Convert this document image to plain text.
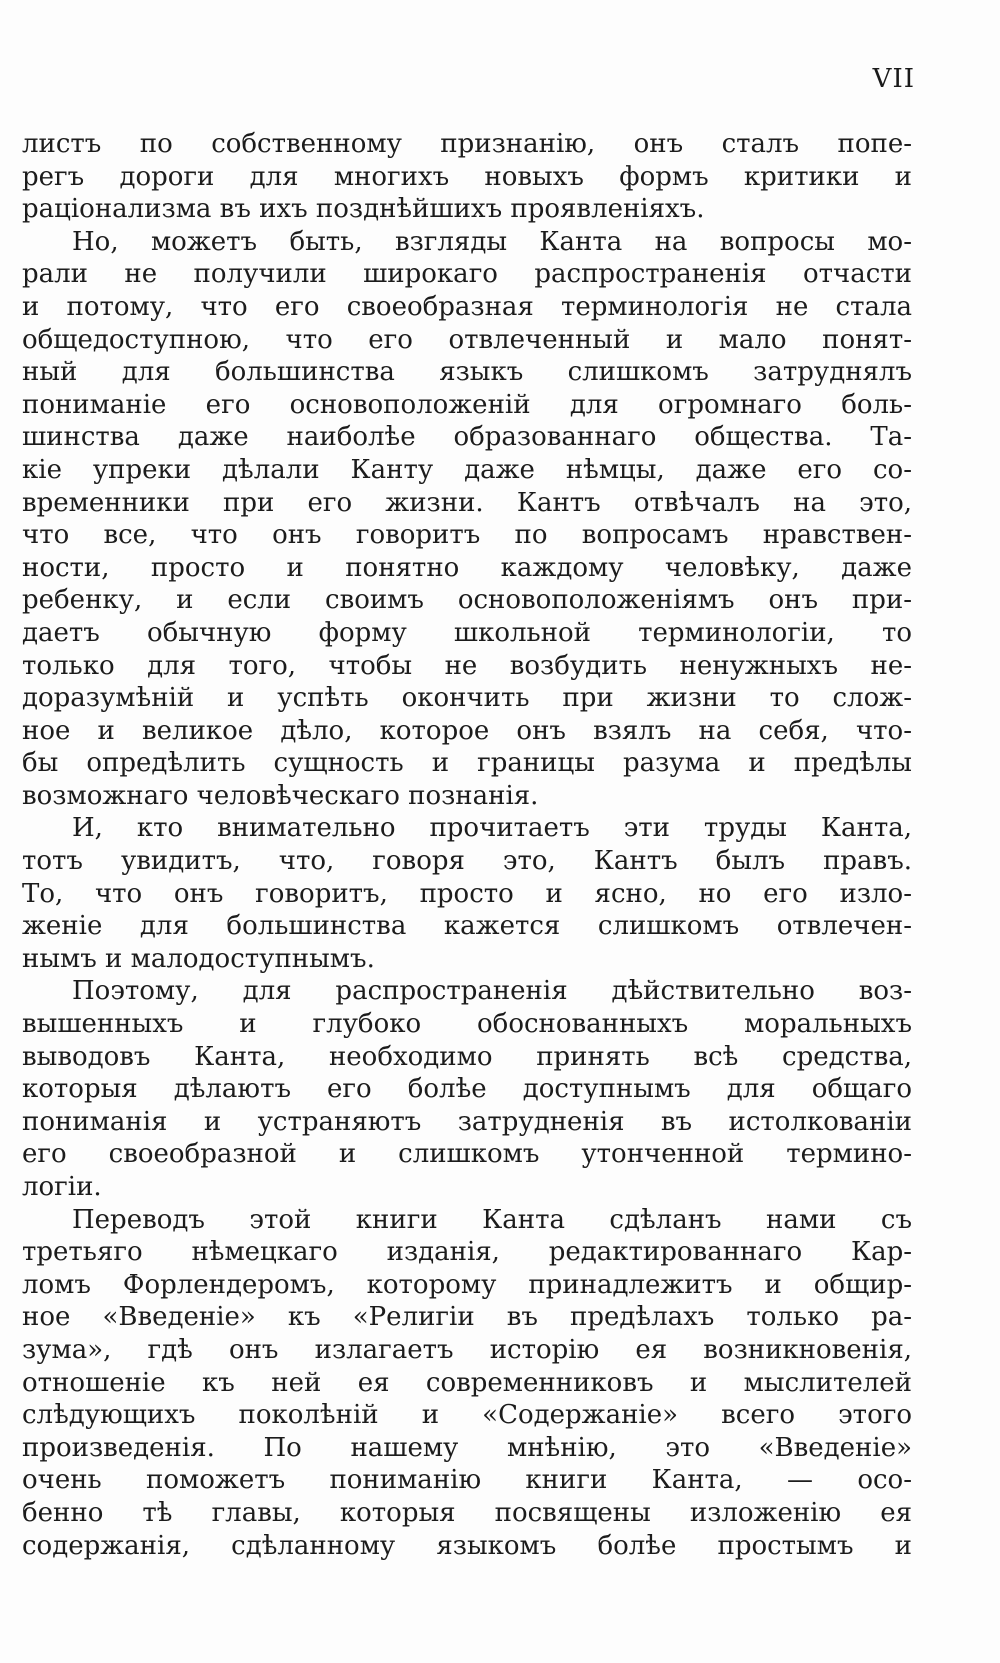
VII
листъ по собственному признанію, онъ сталъ попе-
регъ дороги для многихъ новыхъ формъ критики и
раціонализма въ ихъ позднѣйшихъ проявленіяхъ.
Но, можетъ быть, взгляды Канта на вопросы мо-
рали не получили широкаго распространенія отчасти
и потому, что его своеобразная терминологія не стала
общедоступною, что его отвлеченный и мало понят-
ный для большинства языкъ слишкомъ затруднялъ
пониманіе его основоположеній для огромнаго боль-
шинства даже наиболѣе образованнаго общества. Та-
кіе упреки дѣлали Канту даже нѣмцы, даже его со-
временники при его жизни. Кантъ отвѣчалъ на это,
что все, что онъ говоритъ по вопросамъ нравствен-
ности, просто и понятно каждому человѣку, даже
ребенку, и если своимъ основоположеніямъ онъ при-
даетъ обычную форму школьной терминологіи, то
только для того, чтобы не возбудить ненужныхъ не-
доразумѣній и успѣть окончить при жизни то слож-
ное и великое дѣло, которое онъ взялъ на себя, что-
бы опредѣлить сущность и границы разума и предѣлы
возможнаго человѣческаго познанія.
И, кто внимательно прочитаетъ эти труды Канта,
тотъ увидитъ, что, говоря это, Кантъ былъ правъ.
То, что онъ говоритъ, просто и ясно, но его изло-
женіе для большинства кажется слишкомъ отвлечен-
нымъ и малодоступнымъ.
Поэтому, для распространенія дѣйствительно воз-
вышенныхъ и глубоко обоснованныхъ моральныхъ
выводовъ Канта, необходимо принять всѣ средства,
которыя дѣлаютъ его болѣе доступнымъ для общаго
пониманія и устраняютъ затрудненія въ истолкованіи
его своеобразной и слишкомъ утонченной термино-
логіи.
Переводъ этой книги Канта сдѣланъ нами съ
третьяго нѣмецкаго изданія, редактированнаго Кар-
ломъ Форлендеромъ, которому принадлежитъ и общир-
ное «Введеніе» къ «Религіи въ предѣлахъ только ра-
зума», гдѣ онъ излагаетъ исторію ея возникновенія,
отношеніе къ ней ея современниковъ и мыслителей
слѣдующихъ поколѣній и «Содержаніе» всего этого
произведенія. По нашему мнѣнію, это «Введеніе»
очень поможетъ пониманію книги Канта, — осо-
бенно тѣ главы, которыя посвящены изложенію ея
содержанія, сдѣланному языкомъ болѣе простымъ и
